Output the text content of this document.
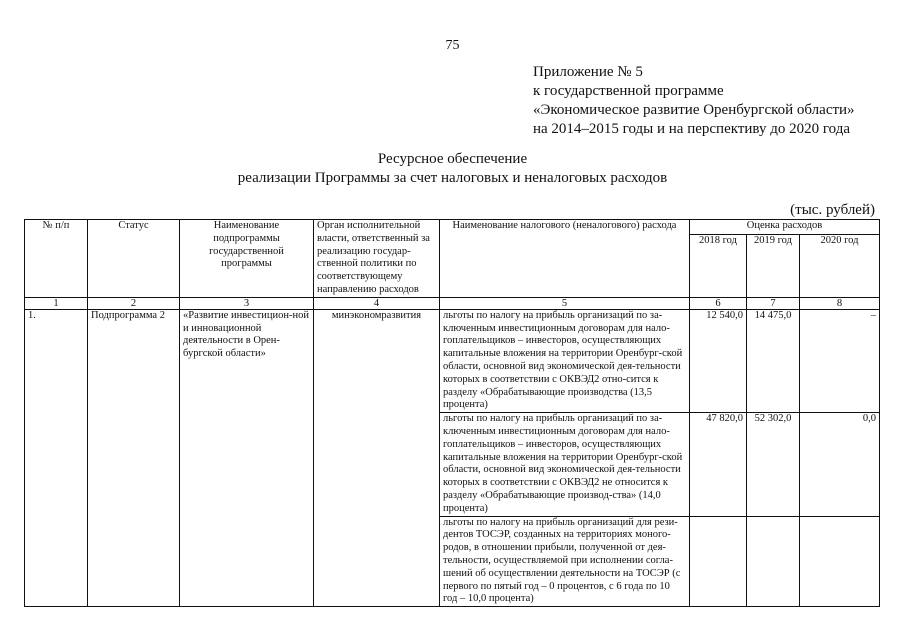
75
Приложение № 5
к государственной программе
«Экономическое развитие Оренбургской области»
на 2014–2015 годы и на перспективу до 2020 года
Ресурсное обеспечение
реализации Программы за счет налоговых и неналоговых расходов
(тыс. рублей)
№ п/п	Статус	Наименование подпрограммы государственной программы	Орган исполнительной власти, ответственный за реализацию государ-ственной политики по соответствующему направлению расходов	Наименование налогового (неналогового) расхода	Оценка расходов		
					2018 год	2019 год	2020 год
1	2	3	4	5	6	7	8
1.	Подпрограмма 2	«Развитие инвестицион-ной и инновационной деятельности в Орен-бургской области»	минэкономразвития	льготы по налогу на прибыль организаций по за-ключенным инвестиционным договорам для нало-гоплательщиков – инвесторов, осуществляющих капитальные вложения на территории Оренбург-ской области, основной вид экономической дея-тельности которых в соответствии с ОКВЭД2 отно-сится к разделу «Обрабатывающие производства (13,5 процента)	12 540,0	14 475,0	–
				льготы по налогу на прибыль организаций по за-ключенным инвестиционным договорам для нало-гоплательщиков – инвесторов, осуществляющих капитальные вложения на территории Оренбург-ской области, основной вид экономической дея-тельности которых в соответствии с ОКВЭД2 не относится к разделу «Обрабатывающие производ-ства» (14,0 процента)	47 820,0	52 302,0	0,0
				льготы по налогу на прибыль организаций для рези-дентов ТОСЭР, созданных на территориях моного-родов, в отношении прибыли, полученной от дея-тельности, осуществляемой при исполнении согла-шений об осуществлении деятельности на ТОСЭР (с первого по пятый год – 0 процентов, с 6 года по 10 год – 10,0 процента)			
